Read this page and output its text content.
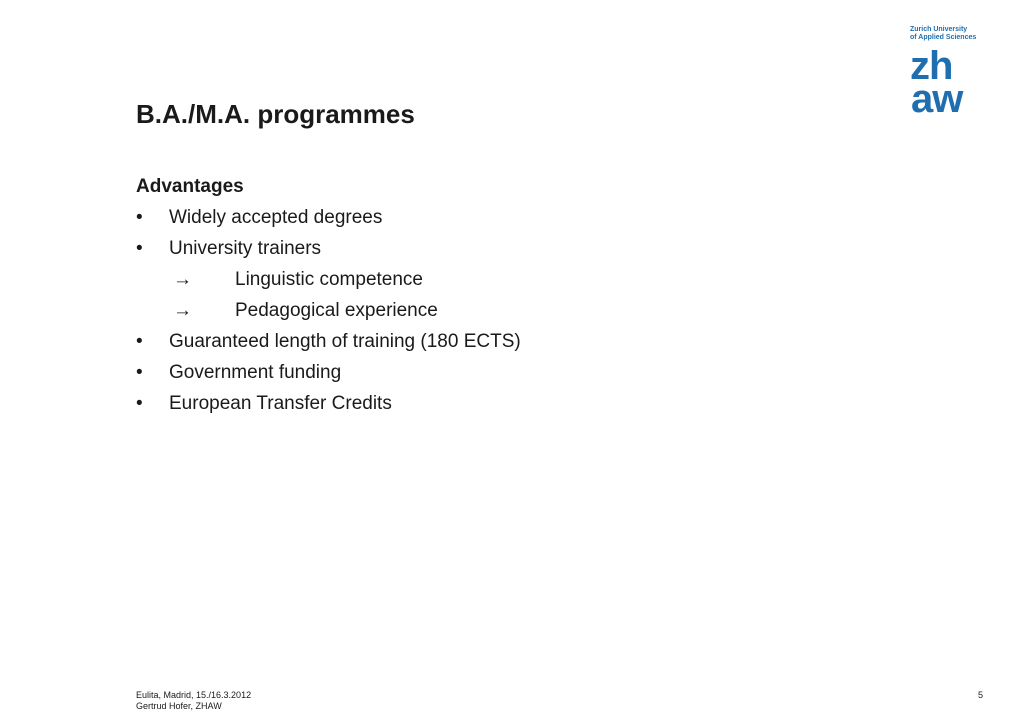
Zurich University
of Applied Sciences
zh
aw
B.A./M.A. programmes
Advantages
•	Widely accepted degrees
•	University trainers
→ Linguistic competence
→ Pedagogical experience
•	Guaranteed length of training (180 ECTS)
•	Government funding
•	European Transfer Credits
Eulita, Madrid, 15./16.3.2012
Gertrud Hofer, ZHAW
5
